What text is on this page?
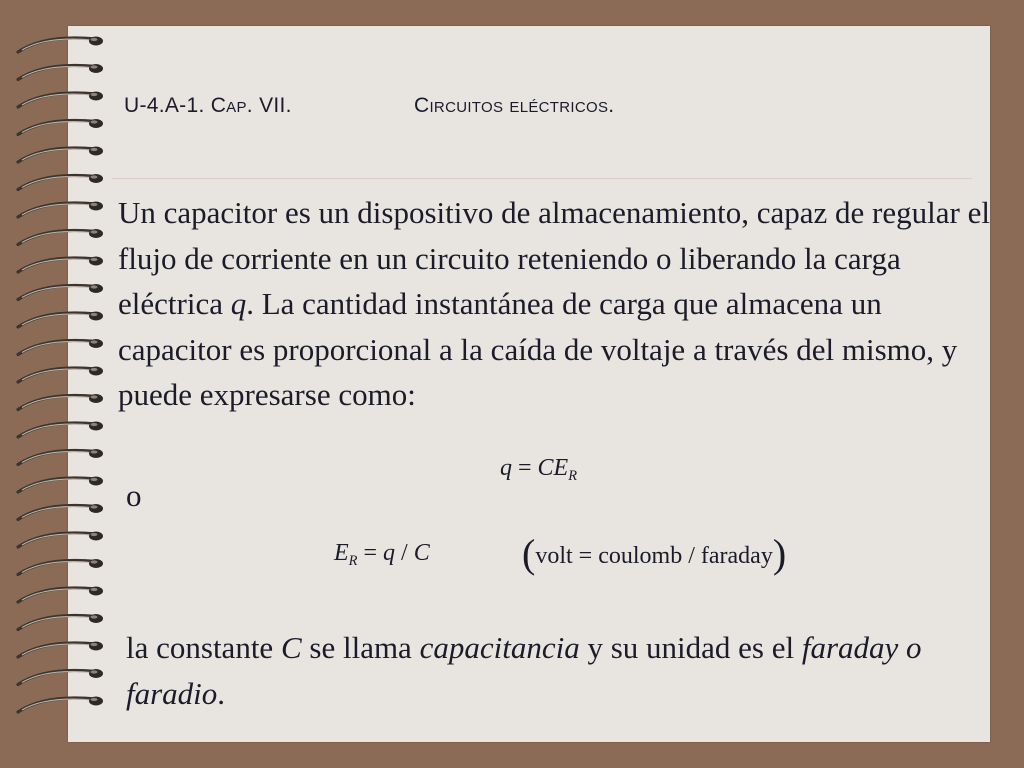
U-4.A-1. Cap. VII.	Circuitos eléctricos.

Un capacitor es un dispositivo de almacenamiento, capaz de regular el flujo de corriente en un circuito reteniendo o liberando la carga eléctrica q. La cantidad instantánea de carga que almacena un capacitor es proporcional a la caída de voltaje a través del mismo, y puede expresarse como:

$q = CE_R$
o
$E_R = q / C$ (volt = coulomb / faraday)

la constante C se llama capacitancia y su unidad es el faraday o faradio.
